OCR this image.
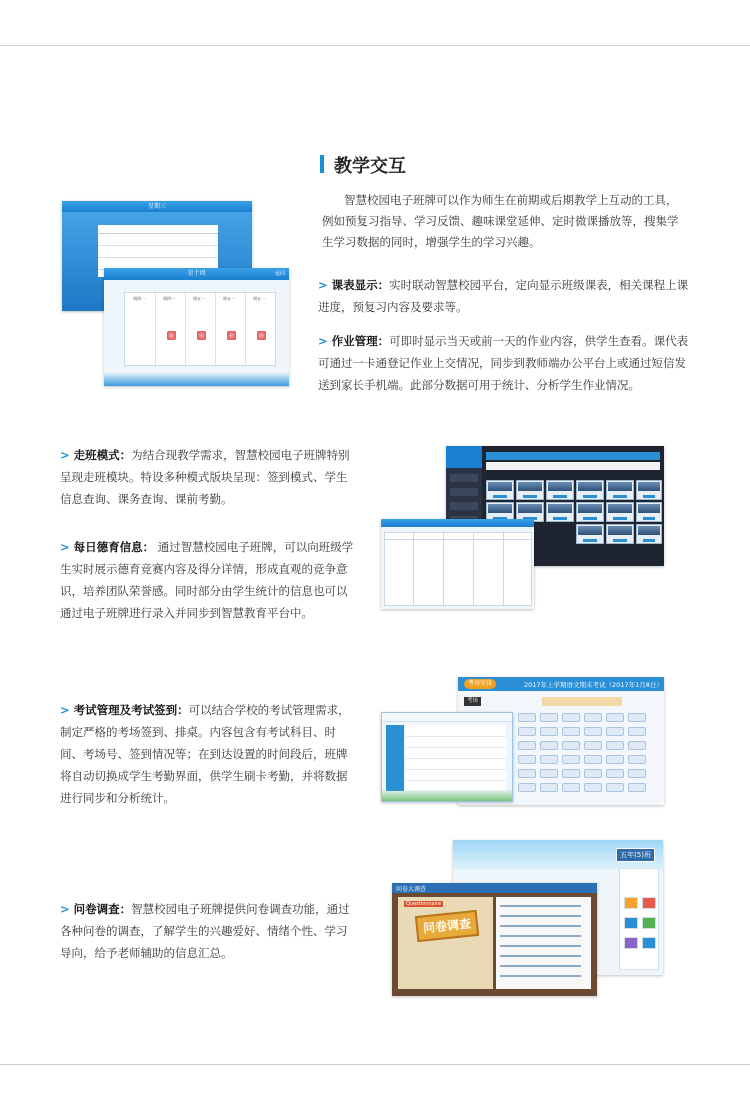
教学交互

智慧校园电子班牌可以作为师生在前期或后期教学上互动的工具，例如预复习指导、学习反馈、趣味课堂延伸、定时微课播放等，搜集学生学习数据的同时，增强学生的学习兴趣。

> 课表显示：实时联动智慧校园平台，定向显示班级课表，相关课程上课进度，预复习内容及要求等。

> 作业管理：可即时显示当天或前一天的作业内容，供学生查看。课代表可通过一卡通登记作业上交情况，同步到教师端办公平台上或通过短信发送到家长手机端。此部分数据可用于统计、分析学生作业情况。

> 走班模式：为结合现教学需求，智慧校园电子班牌特别呈现走班模块。特设多种模式版块呈现：签到模式、学生信息查询、课务查询、课前考勤。

> 每日德育信息： 通过智慧校园电子班牌，可以向班级学生实时展示德育竞赛内容及得分详情，形成直观的竞争意识，培养团队荣誉感。同时部分由学生统计的信息也可以通过电子班牌进行录入并同步到智慧教育平台中。

> 考试管理及考试签到：可以结合学校的考试管理需求，制定严格的考场签到、排桌。内容包含有考试科目、时间、考场号、签到情况等；在到达设置的时间段后，班牌将自动切换成学生考勤界面，供学生刷卡考勤，并将数据进行同步和分析统计。

> 问卷调查：智慧校园电子班牌提供问卷调查功能，通过各种问卷的调查，了解学生的兴趣爱好、情绪个性、学习导向，给予老师辅助的信息汇总。

星期三
星十周	返回
周四一	周四一	周五一	周五一	周五一
考场安排	2017年上学期语文期末考试（2017年1月8日）
考场
五年(5)班
问卷大调查
Questionnaire
问卷调查
